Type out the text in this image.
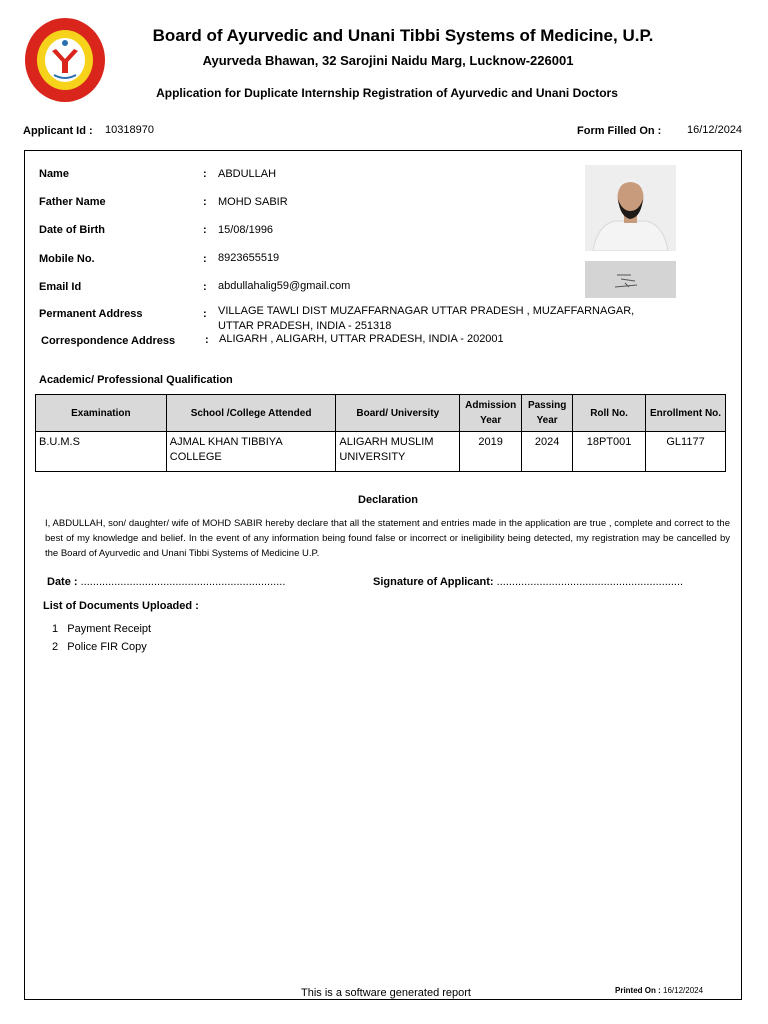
Board of Ayurvedic and Unani Tibbi Systems of Medicine, U.P.
Ayurveda Bhawan, 32 Sarojini Naidu Marg, Lucknow-226001
Application for Duplicate Internship Registration of Ayurvedic and Unani Doctors
Applicant Id : 10318970	Form Filled On : 16/12/2024
Name	: ABDULLAH
Father Name	: MOHD SABIR
Date of Birth	: 15/08/1996
Mobile No.	: 8923655519
Email Id	: abdullahalig59@gmail.com
Permanent Address	: VILLAGE TAWLI DIST MUZAFFARNAGAR UTTAR PRADESH , MUZAFFARNAGAR,
UTTAR PRADESH, INDIA - 251318
Correspondence Address	: ALIGARH , ALIGARH, UTTAR PRADESH, INDIA - 202001
Academic/ Professional Qualification
Examination	School /College Attended	Board/ University	Admission Year	Passing Year	Roll No.	Enrollment No.
B.U.M.S	AJMAL KHAN TIBBIYA COLLEGE	ALIGARH MUSLIM UNIVERSITY	2019	2024	18PT001	GL1177
Declaration
I, ABDULLAH, son/ daughter/ wife of MOHD SABIR hereby declare that all the statement and entries made in the application are true , complete and correct to the best of my knowledge and belief. In the event of any information being found false or incorrect or ineligibility being detected, my registration may be cancelled by the Board of Ayurvedic and Unani Tibbi Systems of Medicine U.P.
Date : ...................................................................	Signature of Applicant: .............................................................
List of Documents Uploaded :
1 Payment Receipt
2 Police FIR Copy
This is a software generated report	Printed On : 16/12/2024
